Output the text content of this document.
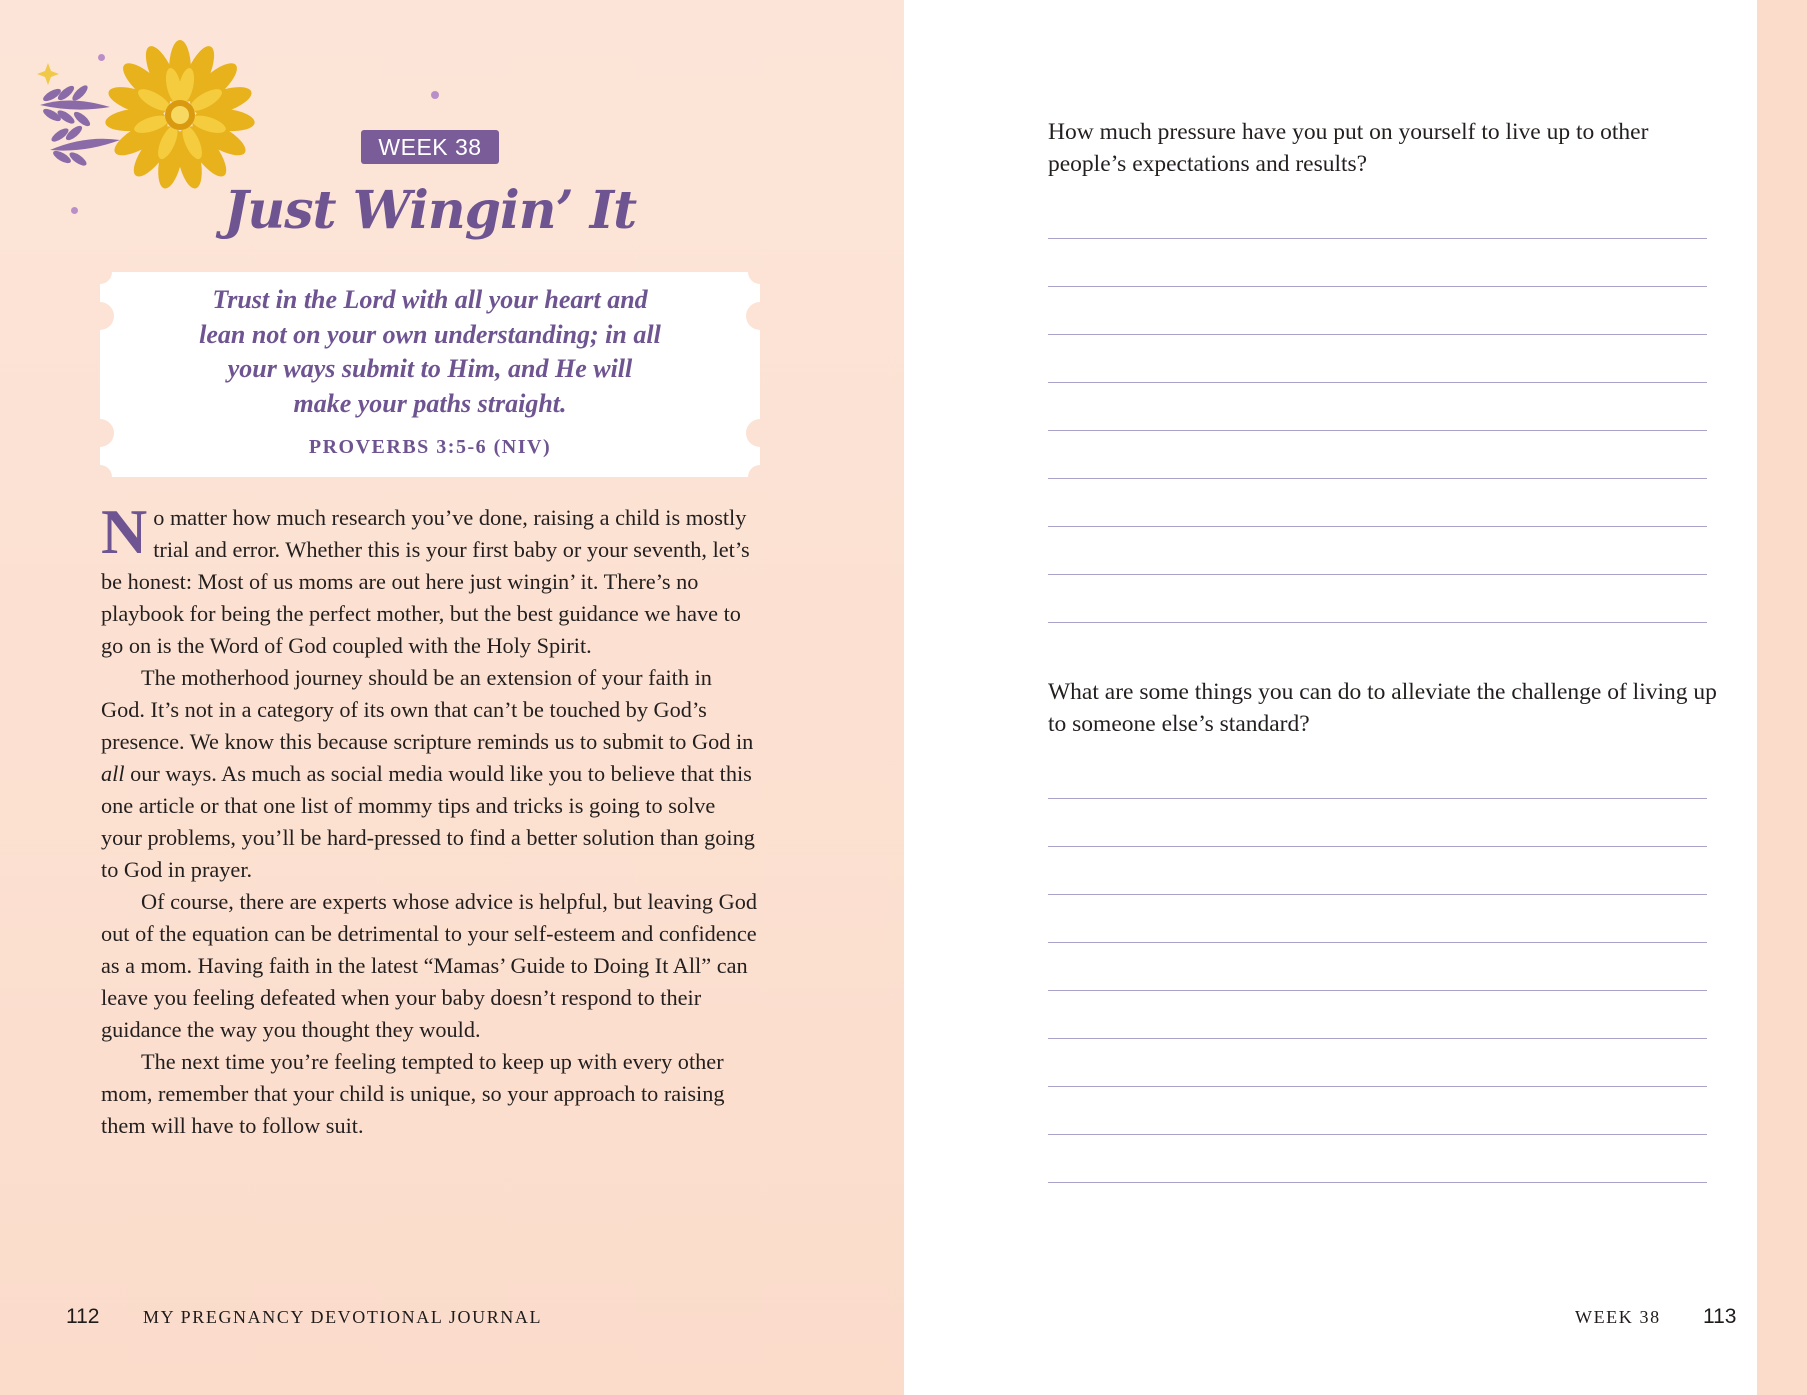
WEEK 38
Just Wingin’ It
Trust in the Lord with all your heart and
lean not on your own understanding; in all
your ways submit to Him, and He will
make your paths straight.
PROVERBS 3:5-6 (NIV)

No matter how much research you’ve done, raising a child is mostly trial and error. Whether this is your first baby or your seventh, let’s be honest: Most of us moms are out here just wingin’ it. There’s no playbook for being the perfect mother, but the best guidance we have to go on is the Word of God coupled with the Holy Spirit.

The motherhood journey should be an extension of your faith in God. It’s not in a category of its own that can’t be touched by God’s presence. We know this because scripture reminds us to submit to God in all our ways. As much as social media would like you to believe that this one article or that one list of mommy tips and tricks is going to solve your problems, you’ll be hard-pressed to find a better solution than going to God in prayer.

Of course, there are experts whose advice is helpful, but leaving God out of the equation can be detrimental to your self-esteem and confidence as a mom. Having faith in the latest “Mamas’ Guide to Doing It All” can leave you feeling defeated when your baby doesn’t respond to their guidance the way you thought they would.

The next time you’re feeling tempted to keep up with every other mom, remember that your child is unique, so your approach to raising them will have to follow suit.

112 MY PREGNANCY DEVOTIONAL JOURNAL
How much pressure have you put on yourself to live up to other people’s expectations and results?
What are some things you can do to alleviate the challenge of living up to someone else’s standard?
WEEK 38 113
